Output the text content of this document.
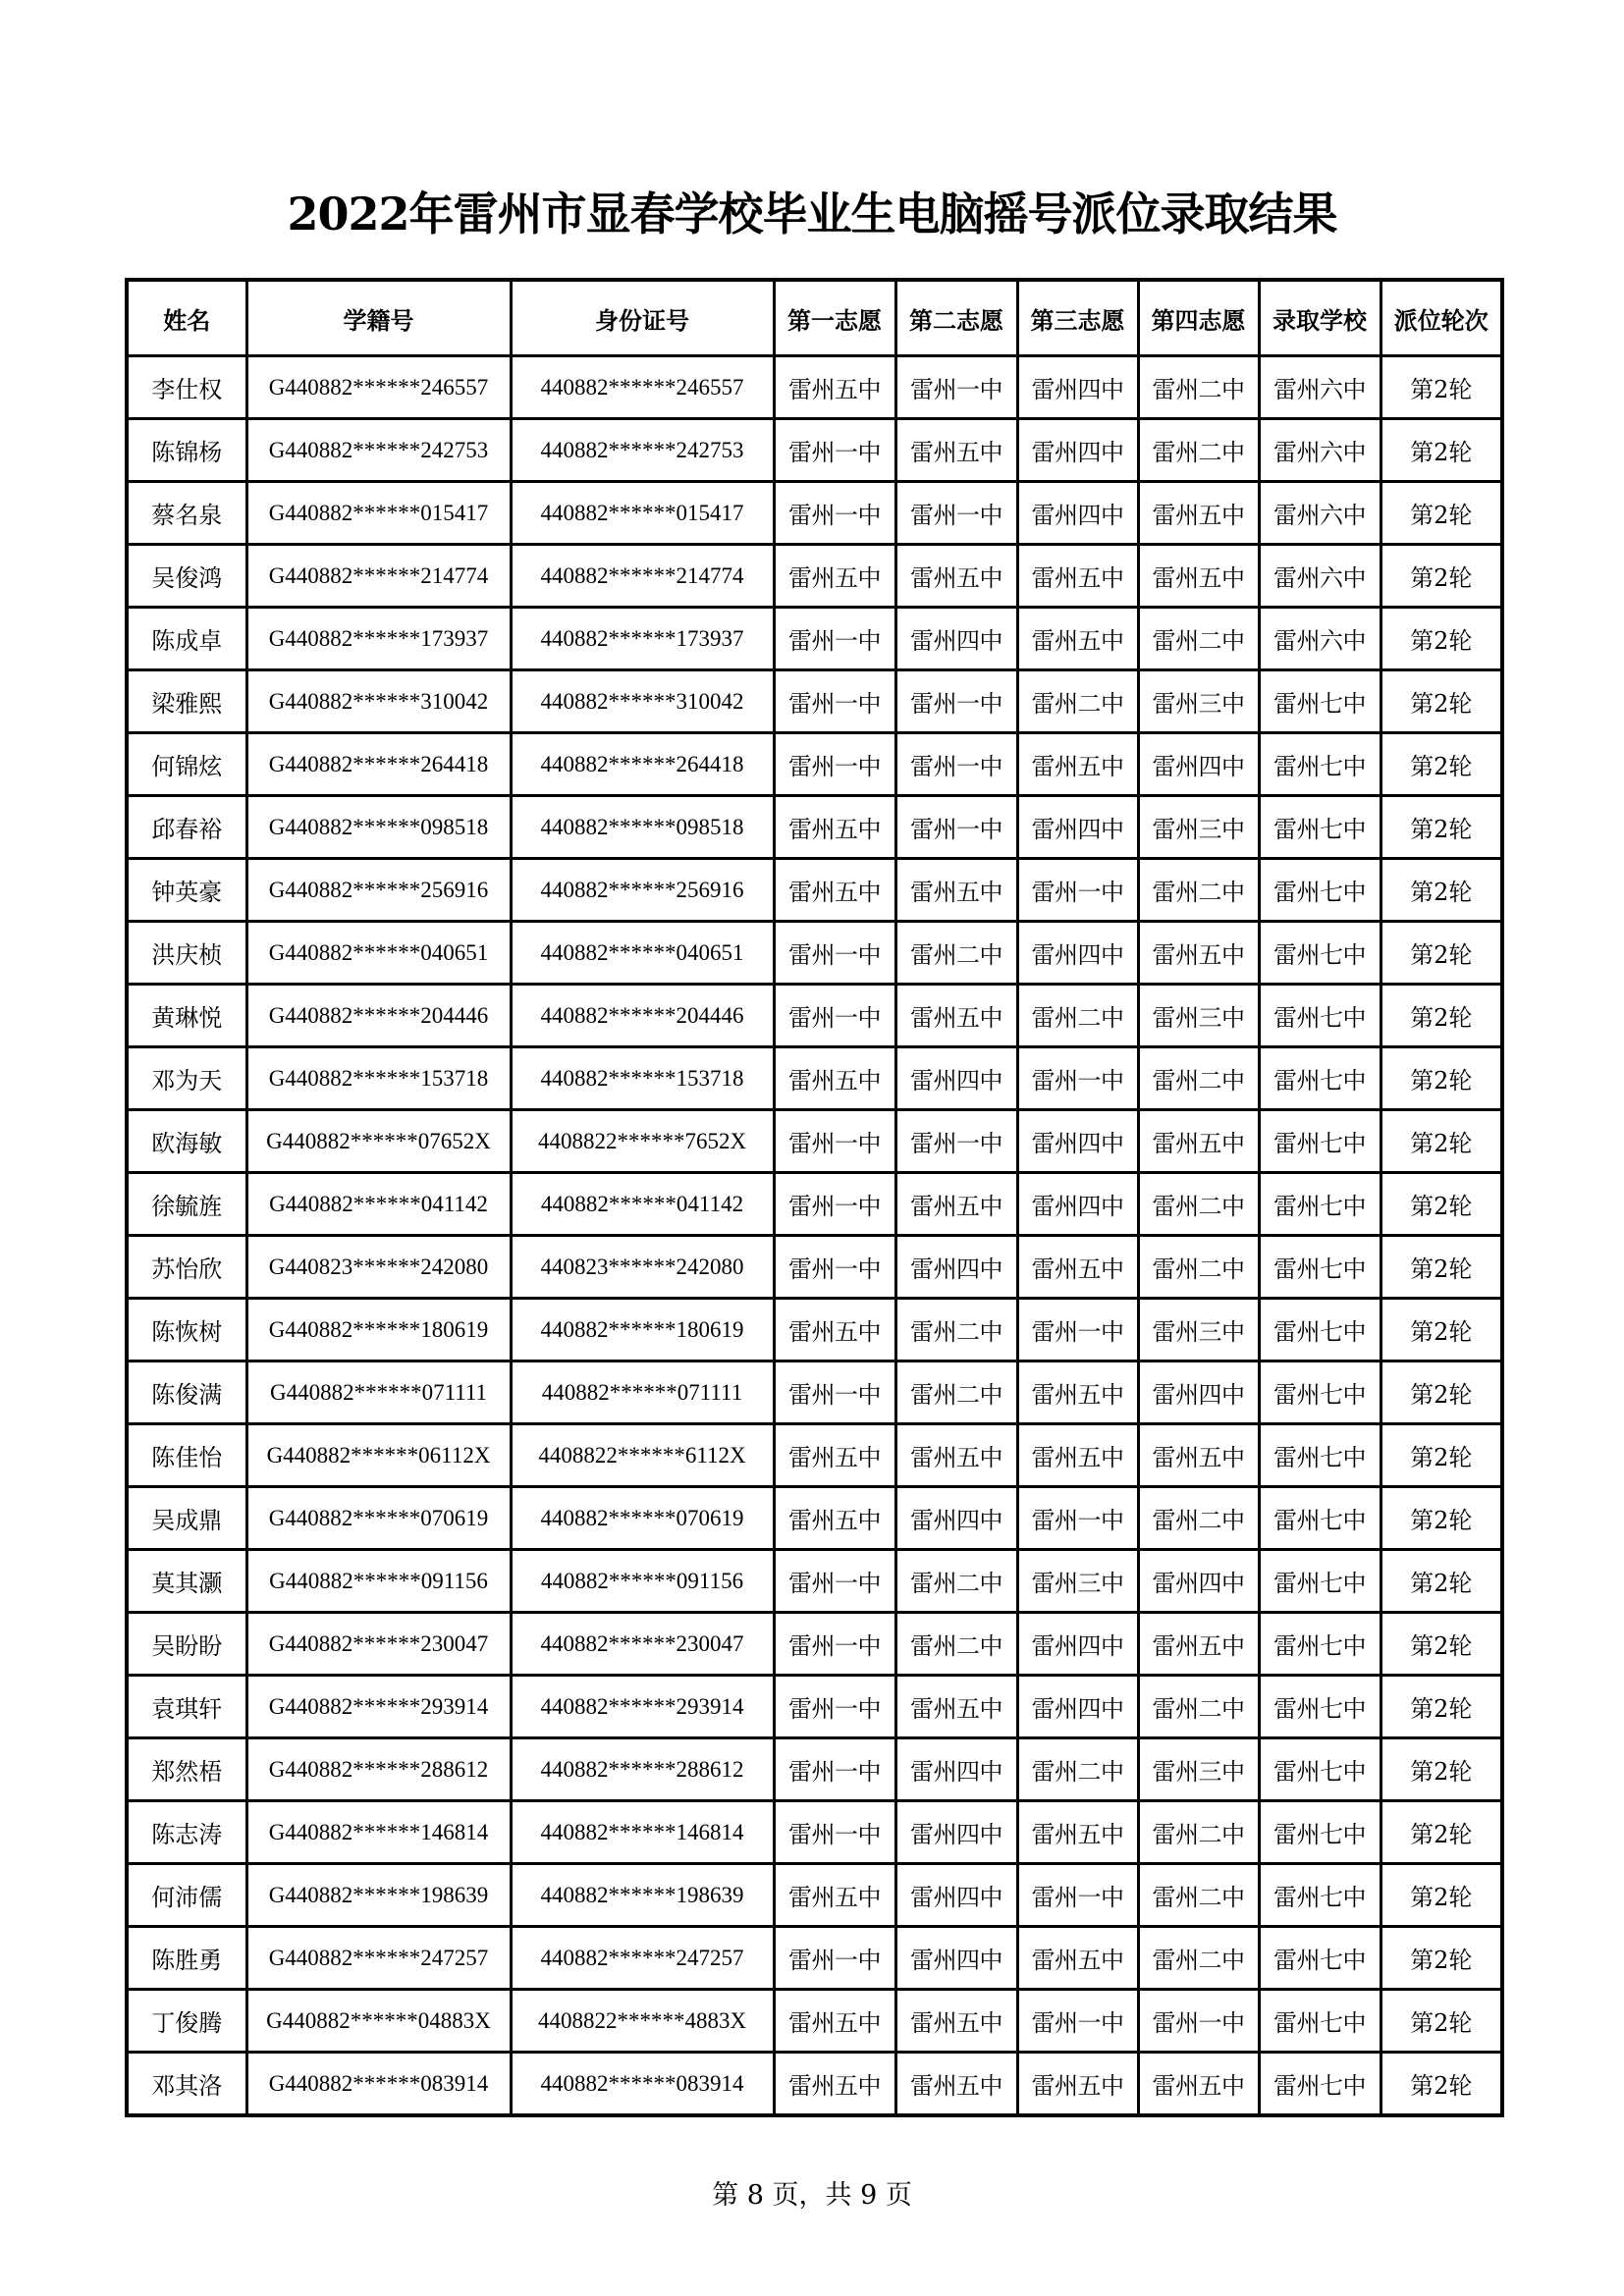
2022年雷州市显春学校毕业生电脑摇号派位录取结果
姓名	学籍号	身份证号	第一志愿	第二志愿	第三志愿	第四志愿	录取学校	派位轮次
李仕权	G440882******246557	440882******246557	雷州五中	雷州一中	雷州四中	雷州二中	雷州六中	第2轮
陈锦杨	G440882******242753	440882******242753	雷州一中	雷州五中	雷州四中	雷州二中	雷州六中	第2轮
蔡名泉	G440882******015417	440882******015417	雷州一中	雷州一中	雷州四中	雷州五中	雷州六中	第2轮
吴俊鸿	G440882******214774	440882******214774	雷州五中	雷州五中	雷州五中	雷州五中	雷州六中	第2轮
陈成卓	G440882******173937	440882******173937	雷州一中	雷州四中	雷州五中	雷州二中	雷州六中	第2轮
梁雅熙	G440882******310042	440882******310042	雷州一中	雷州一中	雷州二中	雷州三中	雷州七中	第2轮
何锦炫	G440882******264418	440882******264418	雷州一中	雷州一中	雷州五中	雷州四中	雷州七中	第2轮
邱春裕	G440882******098518	440882******098518	雷州五中	雷州一中	雷州四中	雷州三中	雷州七中	第2轮
钟英豪	G440882******256916	440882******256916	雷州五中	雷州五中	雷州一中	雷州二中	雷州七中	第2轮
洪庆桢	G440882******040651	440882******040651	雷州一中	雷州二中	雷州四中	雷州五中	雷州七中	第2轮
黄琳悦	G440882******204446	440882******204446	雷州一中	雷州五中	雷州二中	雷州三中	雷州七中	第2轮
邓为天	G440882******153718	440882******153718	雷州五中	雷州四中	雷州一中	雷州二中	雷州七中	第2轮
欧海敏	G440882******07652X	4408822******7652X	雷州一中	雷州一中	雷州四中	雷州五中	雷州七中	第2轮
徐毓旌	G440882******041142	440882******041142	雷州一中	雷州五中	雷州四中	雷州二中	雷州七中	第2轮
苏怡欣	G440823******242080	440823******242080	雷州一中	雷州四中	雷州五中	雷州二中	雷州七中	第2轮
陈恢树	G440882******180619	440882******180619	雷州五中	雷州二中	雷州一中	雷州三中	雷州七中	第2轮
陈俊满	G440882******071111	440882******071111	雷州一中	雷州二中	雷州五中	雷州四中	雷州七中	第2轮
陈佳怡	G440882******06112X	4408822******6112X	雷州五中	雷州五中	雷州五中	雷州五中	雷州七中	第2轮
吴成鼎	G440882******070619	440882******070619	雷州五中	雷州四中	雷州一中	雷州二中	雷州七中	第2轮
莫其灏	G440882******091156	440882******091156	雷州一中	雷州二中	雷州三中	雷州四中	雷州七中	第2轮
吴盼盼	G440882******230047	440882******230047	雷州一中	雷州二中	雷州四中	雷州五中	雷州七中	第2轮
袁琪轩	G440882******293914	440882******293914	雷州一中	雷州五中	雷州四中	雷州二中	雷州七中	第2轮
郑然梧	G440882******288612	440882******288612	雷州一中	雷州四中	雷州二中	雷州三中	雷州七中	第2轮
陈志涛	G440882******146814	440882******146814	雷州一中	雷州四中	雷州五中	雷州二中	雷州七中	第2轮
何沛儒	G440882******198639	440882******198639	雷州五中	雷州四中	雷州一中	雷州二中	雷州七中	第2轮
陈胜勇	G440882******247257	440882******247257	雷州一中	雷州四中	雷州五中	雷州二中	雷州七中	第2轮
丁俊腾	G440882******04883X	4408822******4883X	雷州五中	雷州五中	雷州一中	雷州一中	雷州七中	第2轮
邓其洛	G440882******083914	440882******083914	雷州五中	雷州五中	雷州五中	雷州五中	雷州七中	第2轮
第 8 页，共 9 页
